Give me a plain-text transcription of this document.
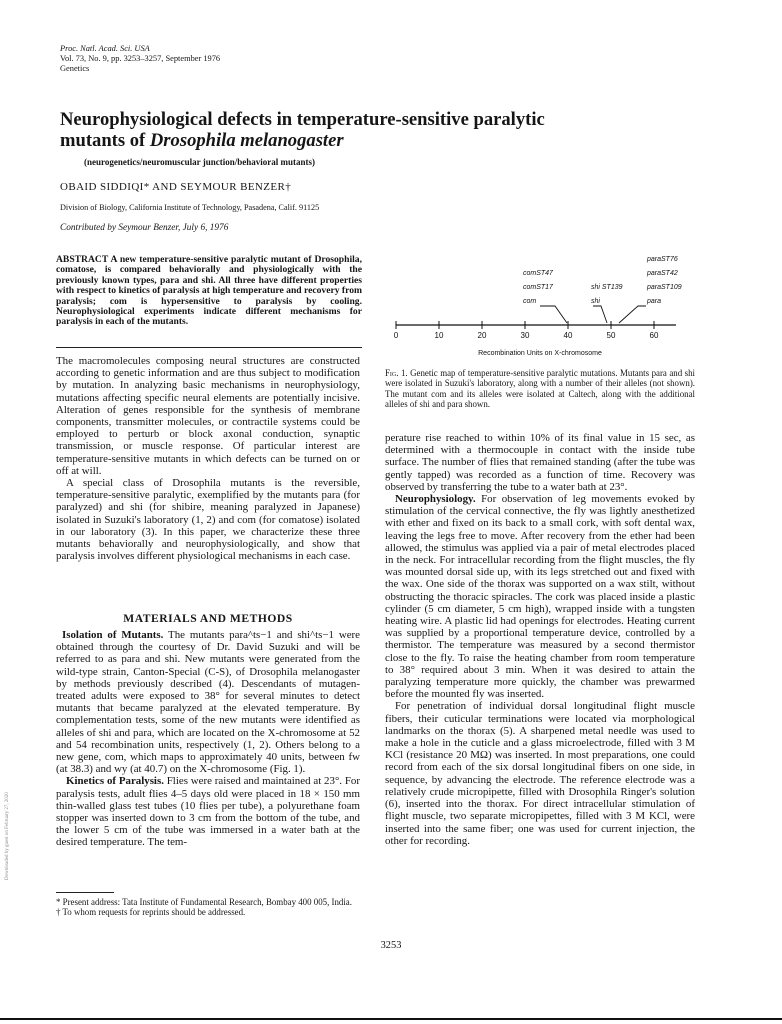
Proc. Natl. Acad. Sci. USA
Vol. 73, No. 9, pp. 3253–3257, September 1976
Genetics
Neurophysiological defects in temperature-sensitive paralytic
mutants of Drosophila melanogaster
(neurogenetics/neuromuscular junction/behavioral mutants)
OBAID SIDDIQI* AND SEYMOUR BENZER†
Division of Biology, California Institute of Technology, Pasadena, Calif. 91125
Contributed by Seymour Benzer, July 6, 1976
ABSTRACT A new temperature-sensitive paralytic mutant of Drosophila, comatose, is compared behaviorally and physiologically with the previously known types, para and shi. All three have different properties with respect to kinetics of paralysis at high temperature and recovery from paralysis; com is hypersensitive to paralysis by cooling. Neurophysiological experiments indicate different mechanisms for paralysis in each of the mutants.

The macromolecules composing neural structures are constructed according to genetic information and are thus subject to modification by mutation. In analyzing basic mechanisms in neurophysiology, mutations affecting specific neural elements are potentially incisive. Alteration of genes responsible for the synthesis of membrane components, transmitter molecules, or contractile systems could be employed to perturb or block axonal conduction, synaptic transmission, or muscle response. Of particular interest are temperature-sensitive mutants in which defects can be turned on or off at will.

A special class of Drosophila mutants is the reversible, temperature-sensitive paralytic, exemplified by the mutants para (for paralyzed) and shi (for shibire, meaning paralyzed in Japanese) isolated in Suzuki's laboratory (1, 2) and com (for comatose) isolated in our laboratory (3). In this paper, we characterize these three mutants behaviorally and neurophysiologically, and show that paralysis involves different physiological mechanisms in each case.

MATERIALS AND METHODS

Isolation of Mutants. The mutants para^ts−1 and shi^ts−1 were obtained through the courtesy of Dr. David Suzuki and will be referred to as para and shi. New mutants were generated from the wild-type strain, Canton-Special (C-S), of Drosophila melanogaster by methods previously described (4). Descendants of mutagen-treated adults were exposed to 38° for several minutes to detect mutants that became paralyzed at the elevated temperature. By complementation tests, some of the new mutants were identified as alleles of shi and para, which are located on the X-chromosome at 52 and 54 recombination units, respectively (1, 2). Others belong to a new gene, com, which maps to approximately 40 units, between fw (at 38.3) and wy (at 40.7) on the X-chromosome (Fig. 1).

Kinetics of Paralysis. Flies were raised and maintained at 23°. For paralysis tests, adult flies 4–5 days old were placed in 18 × 150 mm thin-walled glass test tubes (10 flies per tube), a polyurethane foam stopper was inserted down to 3 cm from the bottom of the tube, and the lower 5 cm of the tube was immersed in a water bath at the desired temperature. The tem-

0	10	20	30	40	50	60
Recombination Units on X-chromosome
comST47
comST17
com
shi ST139
shi
paraST76
paraST42
paraST109
para
Fig. 1. Genetic map of temperature-sensitive paralytic mutations. Mutants para and shi were isolated in Suzuki's laboratory, along with a number of their alleles (not shown). The mutant com and its alleles were isolated at Caltech, along with the additional alleles of shi and para shown.

perature rise reached to within 10% of its final value in 15 sec, as determined with a thermocouple in contact with the inside tube surface. The number of flies that remained standing (after the tube was gently tapped) was recorded as a function of time. Recovery was observed by transferring the tube to a water bath at 23°.

Neurophysiology. For observation of leg movements evoked by stimulation of the cervical connective, the fly was lightly anesthetized with ether and fixed on its back to a small cork, with soft dental wax, leaving the legs free to move. After recovery from the ether had been allowed, the stimulus was applied via a pair of metal electrodes placed in the neck. For intracellular recording from the flight muscles, the fly was mounted dorsal side up, with its legs stretched out and fixed with the wax. One side of the thorax was supported on a wax stilt, without obstructing the thoracic spiracles. The cork was placed inside a plastic cylinder (5 cm diameter, 5 cm high), wrapped inside with a tungsten heating wire. A plastic lid had openings for electrodes. Heating current was supplied by a proportional temperature device, controlled by a thermistor. The temperature was measured by a second thermistor close to the fly. To raise the heating chamber from room temperature to 38° required about 3 min. When it was desired to attain the paralyzing temperature more quickly, the chamber was prewarmed before the mounted fly was inserted.

For penetration of individual dorsal longitudinal flight muscle fibers, their cuticular terminations were located via morphological landmarks on the thorax (5). A sharpened metal needle was used to make a hole in the cuticle and a glass microelectrode, filled with 3 M KCl (resistance 20 MΩ) was inserted. In most preparations, one could record from each of the six dorsal longitudinal fibers on one side, in sequence, by advancing the electrode. The reference electrode was a relatively crude micropipette, filled with Drosophila Ringer's solution (6), inserted into the thorax. For direct intracellular stimulation of flight muscle, two separate micropipettes, filled with 3 M KCl, were inserted into the same fiber; one was used for current injection, the other for recording.

* Present address: Tata Institute of Fundamental Research, Bombay 400 005, India.

† To whom requests for reprints should be addressed.

3253
Downloaded by guest on February 27, 2020
